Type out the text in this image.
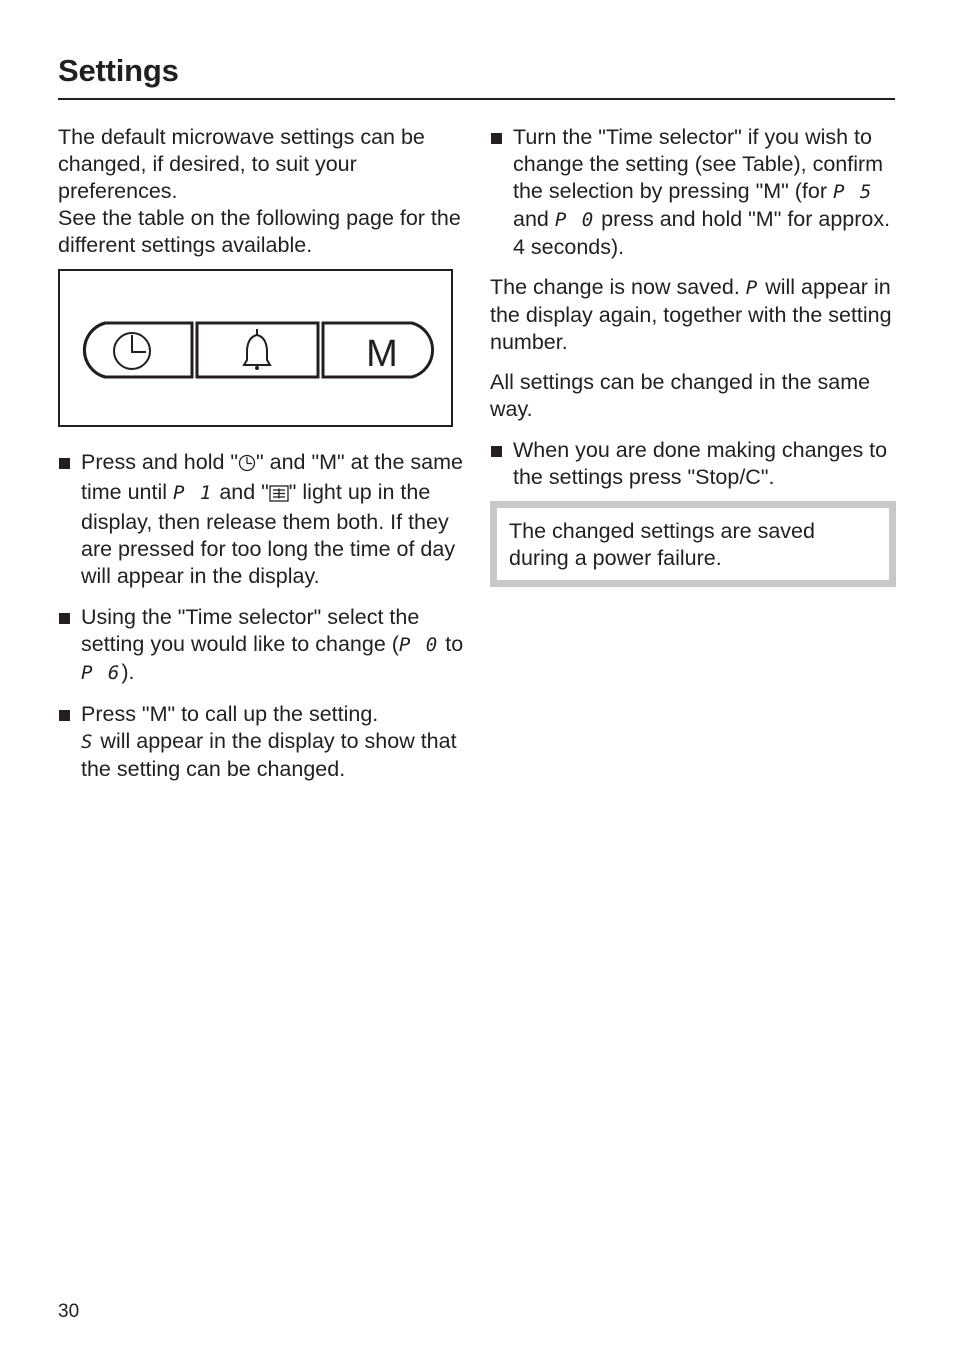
Settings

The default microwave settings can be changed, if desired, to suit your preferences.

See the table on the following page for the different settings available.

M
Press and hold " " and "M" at the same time until P 1 and " " light up in the display, then release them both. If they are pressed for too long the time of day will appear in the display.
Using the "Time selector" select the setting you would like to change (P 0 to P 6).
Press "M" to call up the setting.
S will appear in the display to show that the setting can be changed.
Turn the "Time selector" if you wish to change the setting (see Table), confirm the selection by pressing "M" (for P 5 and P 0 press and hold "M" for approx. 4 seconds).

The change is now saved. P will appear in the display again, together with the setting number.

All settings can be changed in the same way.

When you are done making changes to the settings press "Stop/C".
The changed settings are saved during a power failure.
30
